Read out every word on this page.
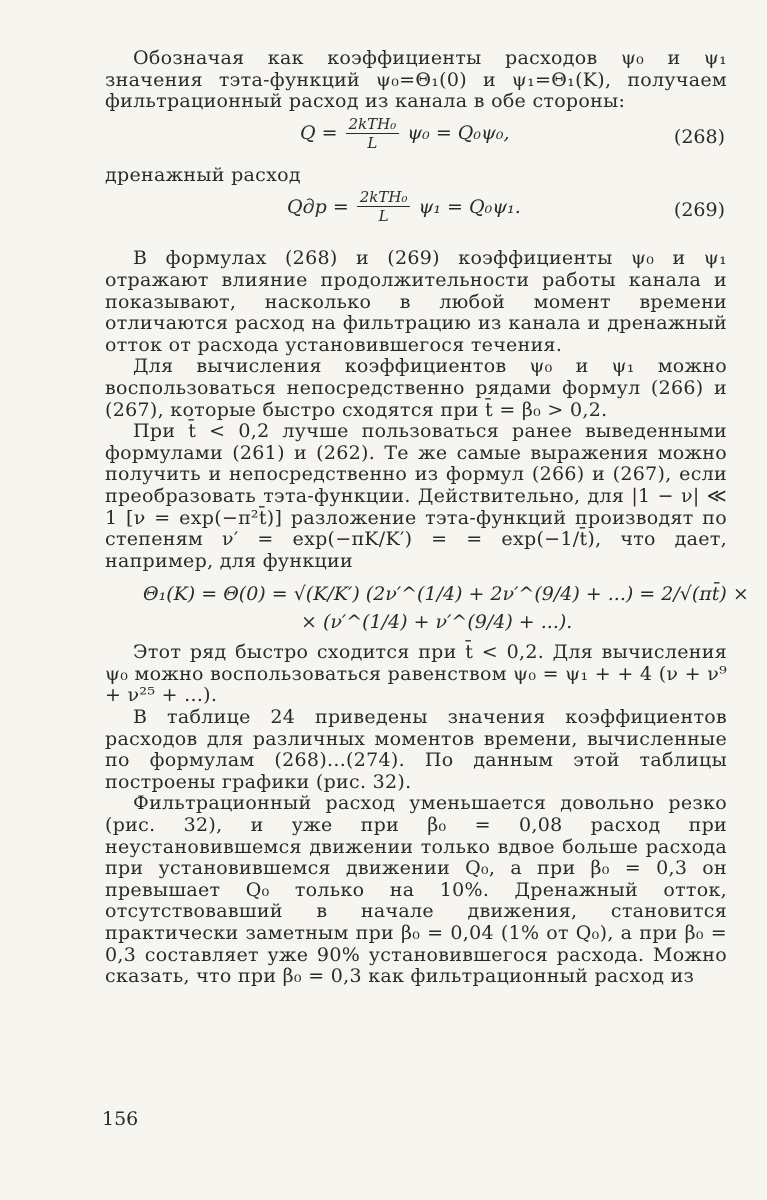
Обозначая как коэффициенты расходов ψ₀ и ψ₁ значения тэта-функций ψ₀=Θ₁(0) и ψ₁=Θ₁(K), получаем фильтрационный расход из канала в обе стороны:

$Q = \frac{\text{2kTH₀}}{L} \psi_0 = Q_0\psi_0$,	(268)

дренажный расход

Qдр = $\frac{\text{2kTH₀}}{L} \psi_1 = Q_0\psi_1$.	(269)

В формулах (268) и (269) коэффициенты ψ₀ и ψ₁ отражают влияние продолжительности работы канала и показывают, насколько в любой момент времени отличаются расход на фильтрацию из канала и дренажный отток от расхода установившегося течения.

Для вычисления коэффициентов ψ₀ и ψ₁ можно воспользоваться непосредственно рядами формул (266) и (267), которые быстро сходятся при t̄ = β₀ > 0,2.

При t̄ < 0,2 лучше пользоваться ранее выведенными формулами (261) и (262). Те же самые выражения можно получить и непосредственно из формул (266) и (267), если преобразовать тэта-функции. Действительно, для |1 − ν| ≪ 1 [ν = exp(−π²t̄)] разложение тэта-функций производят по степеням ν′ = exp(−πK/K′) = = exp(−1/t̄), что дает, например, для функции

Θ₁(K) = Θ(0) = √(K/K′) (2ν′^(1/4) + 2ν′^(9/4) + ...) = 2/√(πt̄) ×
× (ν′^(1/4) + ν′^(9/4) + ...).

Этот ряд быстро сходится при t̄ < 0,2. Для вычисления ψ₀ можно воспользоваться равенством ψ₀ = ψ₁ + + 4 (ν + ν⁹ + ν²⁵ + ...).

В таблице 24 приведены значения коэффициентов расходов для различных моментов времени, вычисленные по формулам (268)...(274). По данным этой таблицы построены графики (рис. 32).

Фильтрационный расход уменьшается довольно резко (рис. 32), и уже при β₀ = 0,08 расход при неустановившемся движении только вдвое больше расхода при установившемся движении Q₀, а при β₀ = 0,3 он превышает Q₀ только на 10%. Дренажный отток, отсутствовавший в начале движения, становится практически заметным при β₀ = 0,04 (1% от Q₀), а при β₀ = 0,3 составляет уже 90% установившегося расхода. Можно сказать, что при β₀ = 0,3 как фильтрационный расход из

156
